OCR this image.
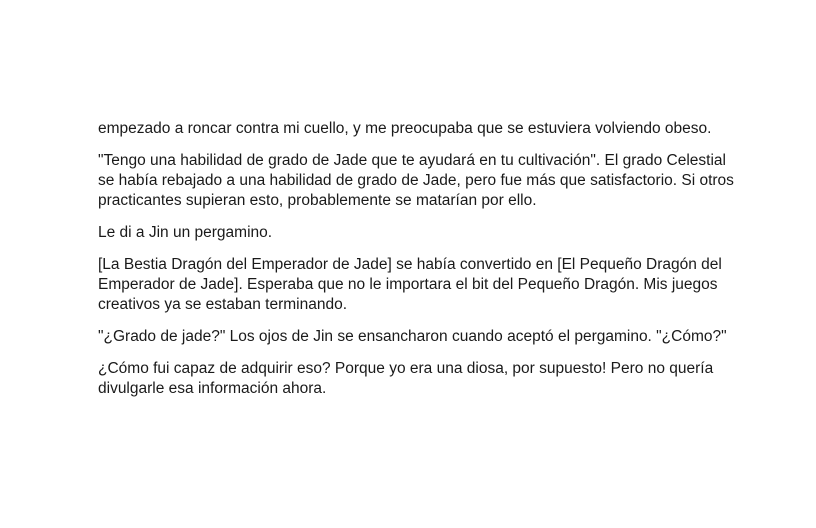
empezado a roncar contra mi cuello, y me preocupaba que se estuviera volviendo obeso.

"Tengo una habilidad de grado de Jade que te ayudará en tu cultivación". El grado Celestial se había rebajado a una habilidad de grado de Jade, pero fue más que satisfactorio. Si otros practicantes supieran esto, probablemente se matarían por ello.

Le di a Jin un pergamino.

[La Bestia Dragón del Emperador de Jade] se había convertido en [El Pequeño Dragón del Emperador de Jade]. Esperaba que no le importara el bit del Pequeño Dragón. Mis juegos creativos ya se estaban terminando.

"¿Grado de jade?" Los ojos de Jin se ensancharon cuando aceptó el pergamino. "¿Cómo?"

¿Cómo fui capaz de adquirir eso? Porque yo era una diosa, por supuesto! Pero no quería divulgarle esa información ahora.
